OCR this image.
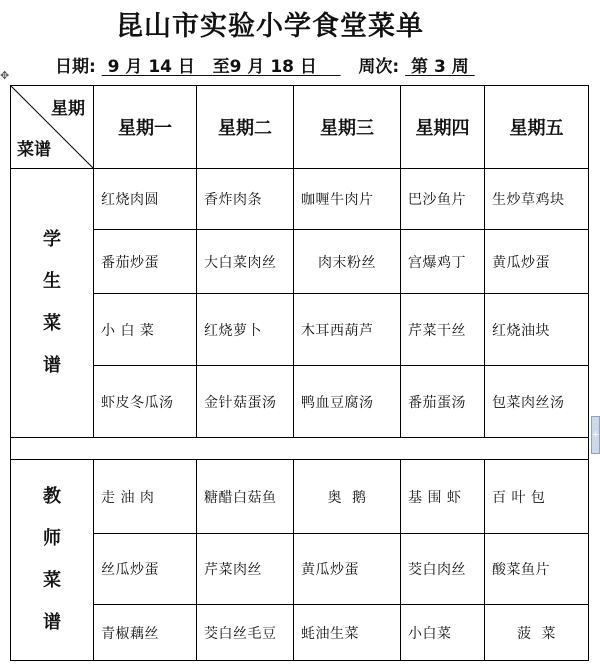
昆山市实验小学食堂菜单
日期: 9 月 14 日 至9 月 18 日 周次: 第 3 周
✥
+
星期
菜谱	星期一	星期二	星期三	星期四	星期五

学
生
菜
谱	红烧肉圆	香炸肉条	咖喱牛肉片	巴沙鱼片	生炒草鸡块
	番茄炒蛋	大白菜肉丝	肉末粉丝	宫爆鸡丁	黄瓜炒蛋
	小 白 菜	红烧萝卜	木耳西葫芦	芹菜干丝	红烧油块
	虾皮冬瓜汤	金针菇蛋汤	鸭血豆腐汤	番茄蛋汤	包菜肉丝汤

教
师
菜
谱	走 油 肉	糖醋白菇鱼	奥  鹅	基 围 虾	百 叶 包
	丝瓜炒蛋	芹菜肉丝	黄瓜炒蛋	茭白肉丝	酸菜鱼片
	青椒藕丝	茭白丝毛豆	蚝油生菜	小白菜	菠  菜
